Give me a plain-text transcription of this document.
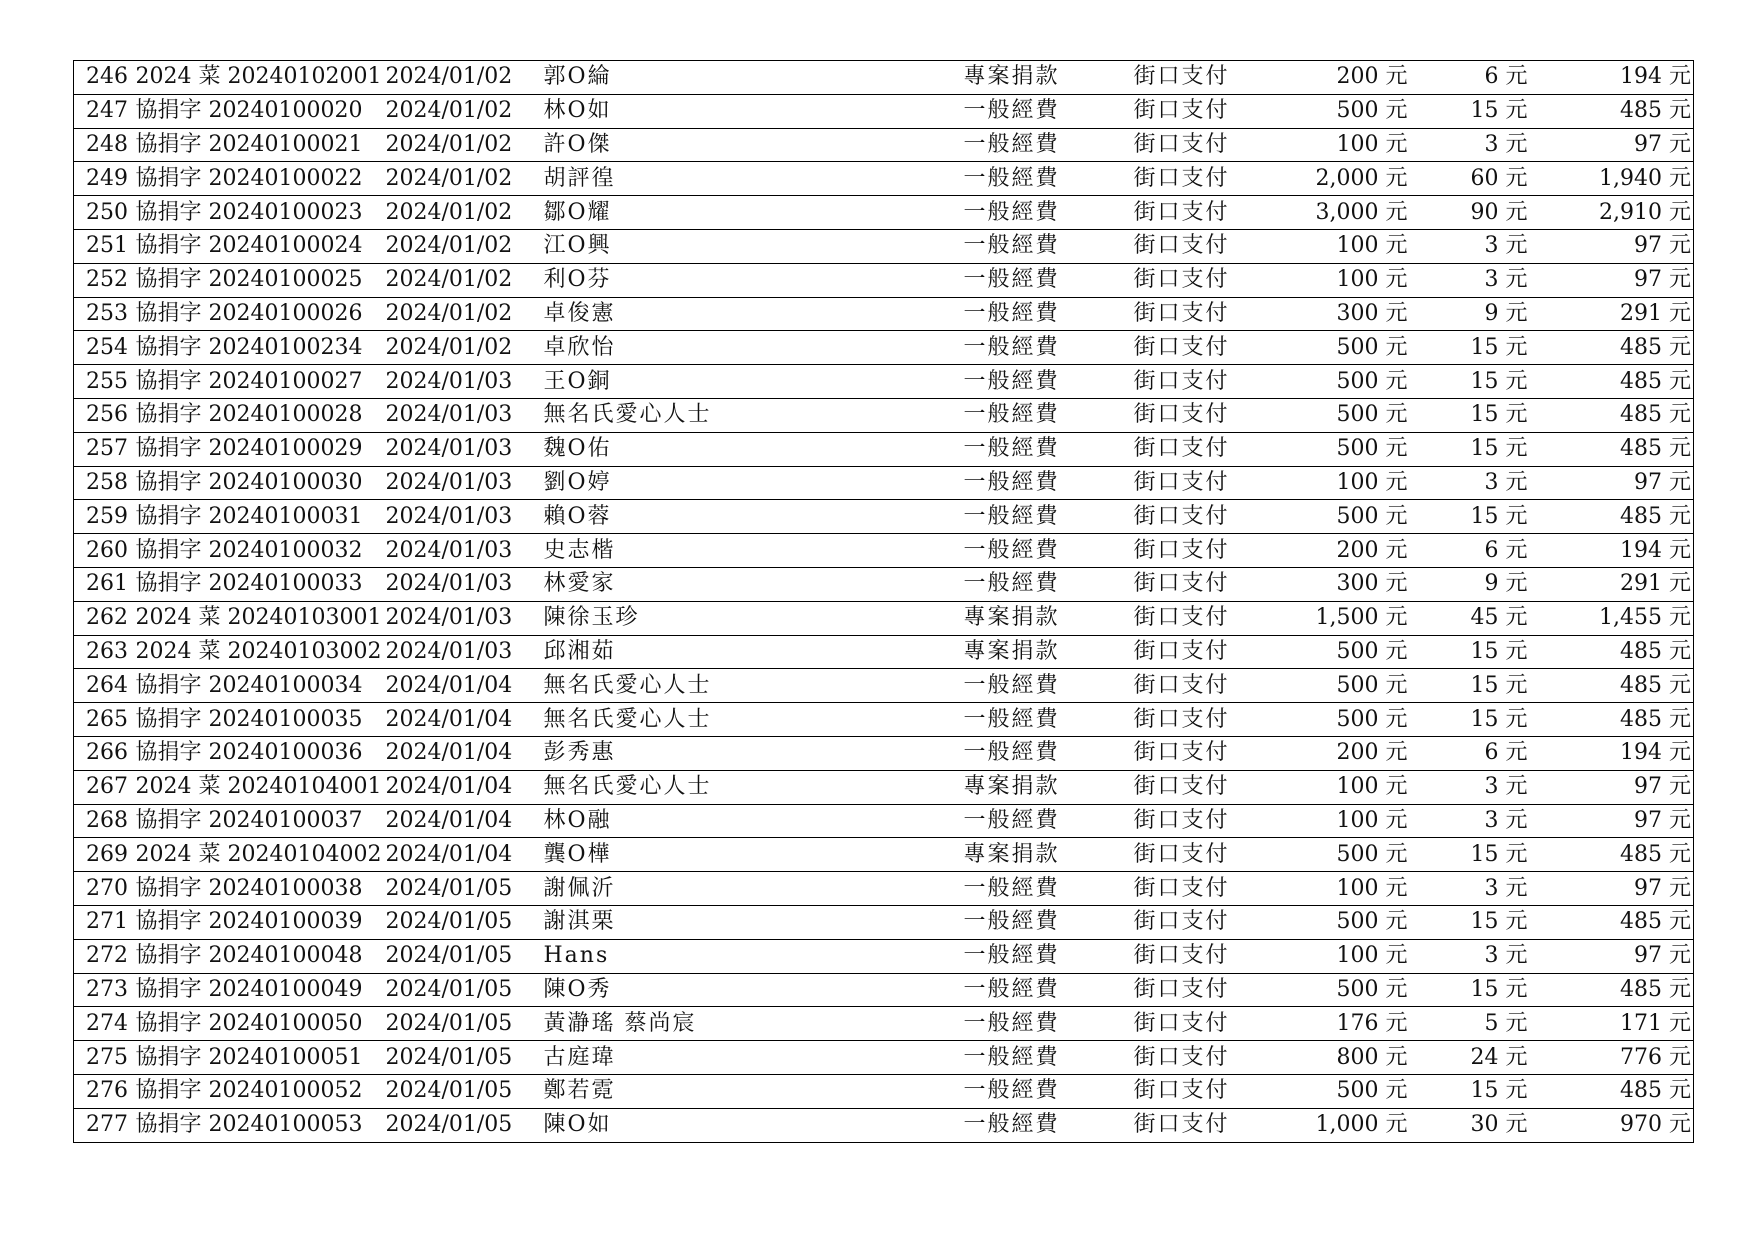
246	2024 菜 20240102001	2024/01/02	郭O綸	專案捐款	街口支付	200 元	6 元	194 元
247	協捐字 20240100020	2024/01/02	林O如	一般經費	街口支付	500 元	15 元	485 元
248	協捐字 20240100021	2024/01/02	許O傑	一般經費	街口支付	100 元	3 元	97 元
249	協捐字 20240100022	2024/01/02	胡評徨	一般經費	街口支付	2,000 元	60 元	1,940 元
250	協捐字 20240100023	2024/01/02	鄒O耀	一般經費	街口支付	3,000 元	90 元	2,910 元
251	協捐字 20240100024	2024/01/02	江O興	一般經費	街口支付	100 元	3 元	97 元
252	協捐字 20240100025	2024/01/02	利O芬	一般經費	街口支付	100 元	3 元	97 元
253	協捐字 20240100026	2024/01/02	卓俊憲	一般經費	街口支付	300 元	9 元	291 元
254	協捐字 20240100234	2024/01/02	卓欣怡	一般經費	街口支付	500 元	15 元	485 元
255	協捐字 20240100027	2024/01/03	王O銅	一般經費	街口支付	500 元	15 元	485 元
256	協捐字 20240100028	2024/01/03	無名氏愛心人士	一般經費	街口支付	500 元	15 元	485 元
257	協捐字 20240100029	2024/01/03	魏O佑	一般經費	街口支付	500 元	15 元	485 元
258	協捐字 20240100030	2024/01/03	劉O婷	一般經費	街口支付	100 元	3 元	97 元
259	協捐字 20240100031	2024/01/03	賴O蓉	一般經費	街口支付	500 元	15 元	485 元
260	協捐字 20240100032	2024/01/03	史志楷	一般經費	街口支付	200 元	6 元	194 元
261	協捐字 20240100033	2024/01/03	林愛家	一般經費	街口支付	300 元	9 元	291 元
262	2024 菜 20240103001	2024/01/03	陳徐玉珍	專案捐款	街口支付	1,500 元	45 元	1,455 元
263	2024 菜 20240103002	2024/01/03	邱湘茹	專案捐款	街口支付	500 元	15 元	485 元
264	協捐字 20240100034	2024/01/04	無名氏愛心人士	一般經費	街口支付	500 元	15 元	485 元
265	協捐字 20240100035	2024/01/04	無名氏愛心人士	一般經費	街口支付	500 元	15 元	485 元
266	協捐字 20240100036	2024/01/04	彭秀惠	一般經費	街口支付	200 元	6 元	194 元
267	2024 菜 20240104001	2024/01/04	無名氏愛心人士	專案捐款	街口支付	100 元	3 元	97 元
268	協捐字 20240100037	2024/01/04	林O融	一般經費	街口支付	100 元	3 元	97 元
269	2024 菜 20240104002	2024/01/04	龔O樺	專案捐款	街口支付	500 元	15 元	485 元
270	協捐字 20240100038	2024/01/05	謝佩沂	一般經費	街口支付	100 元	3 元	97 元
271	協捐字 20240100039	2024/01/05	謝淇栗	一般經費	街口支付	500 元	15 元	485 元
272	協捐字 20240100048	2024/01/05	Hans	一般經費	街口支付	100 元	3 元	97 元
273	協捐字 20240100049	2024/01/05	陳O秀	一般經費	街口支付	500 元	15 元	485 元
274	協捐字 20240100050	2024/01/05	黃瀞瑤 蔡尚宸	一般經費	街口支付	176 元	5 元	171 元
275	協捐字 20240100051	2024/01/05	古庭瑋	一般經費	街口支付	800 元	24 元	776 元
276	協捐字 20240100052	2024/01/05	鄭若霓	一般經費	街口支付	500 元	15 元	485 元
277	協捐字 20240100053	2024/01/05	陳O如	一般經費	街口支付	1,000 元	30 元	970 元
